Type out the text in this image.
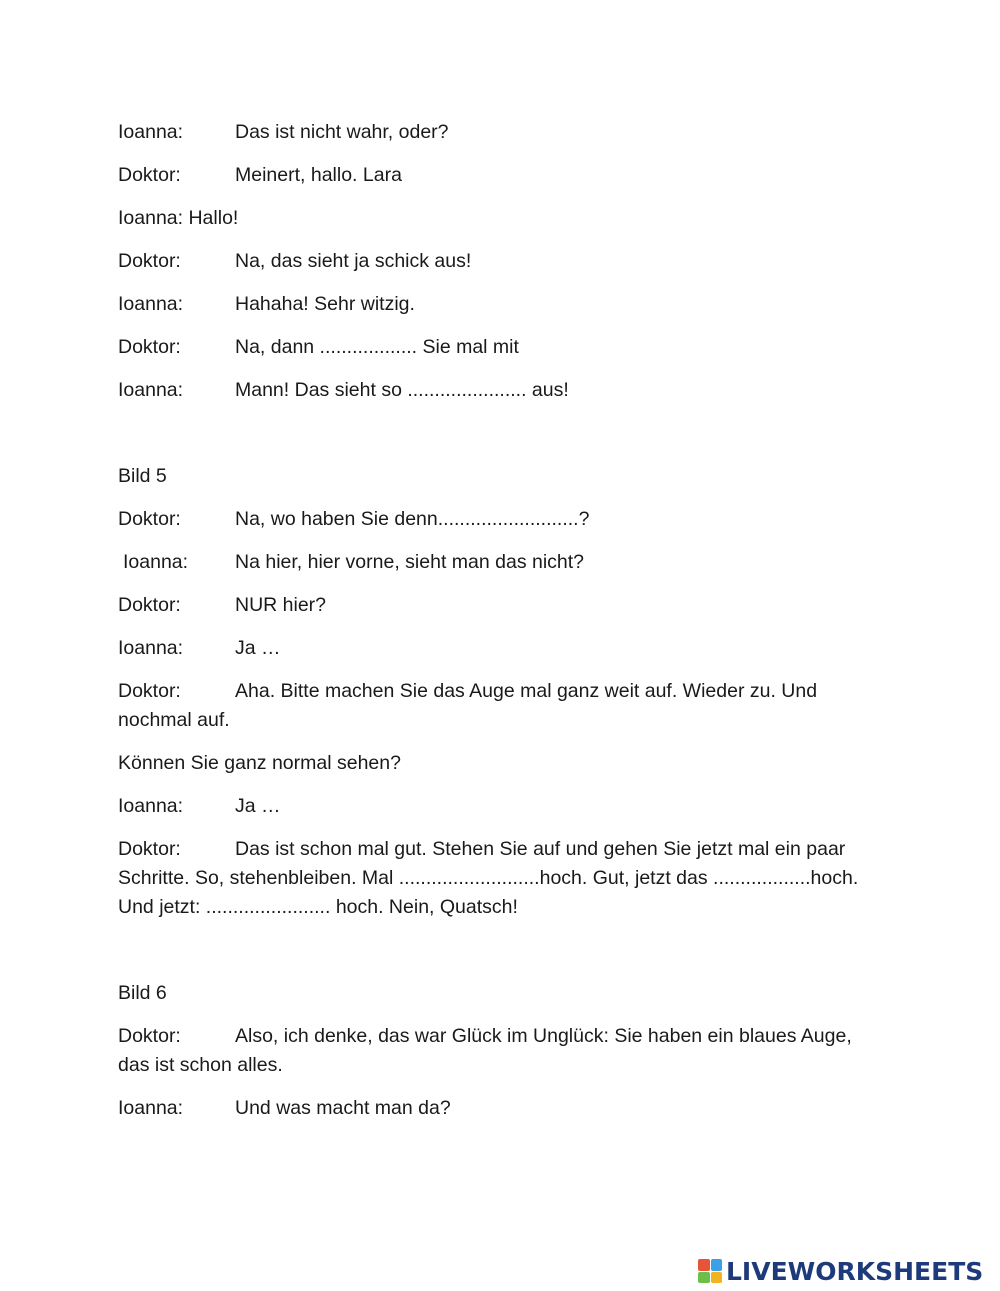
Ioanna:	Das ist nicht wahr, oder?

Doktor:	Meinert, hallo. Lara

Ioanna: Hallo!

Doktor:	Na, das sieht ja schick aus!

Ioanna:	Hahaha! Sehr witzig.

Doktor:	Na, dann .................. Sie mal mit

Ioanna:	Mann! Das sieht so ...................... aus!

Bild 5

Doktor:	Na, wo haben Sie denn..........................?

Ioanna: Na hier, hier vorne, sieht man das nicht?

Doktor:	NUR hier?

Ioanna:	Ja …

Doktor:	Aha. Bitte machen Sie das Auge mal ganz weit auf. Wieder zu. Und nochmal auf.

Können Sie ganz normal sehen?

Ioanna:	Ja …

Doktor:	Das ist schon mal gut. Stehen Sie auf und gehen Sie jetzt mal ein paar Schritte. So, stehenbleiben. Mal ..........................hoch. Gut, jetzt das ..................hoch. Und jetzt: ....................... hoch. Nein, Quatsch!

Bild 6

Doktor:	Also, ich denke, das war Glück im Unglück: Sie haben ein blaues Auge, das ist schon alles.

Ioanna:	Und was macht man da?

LIVEWORKSHEETS
